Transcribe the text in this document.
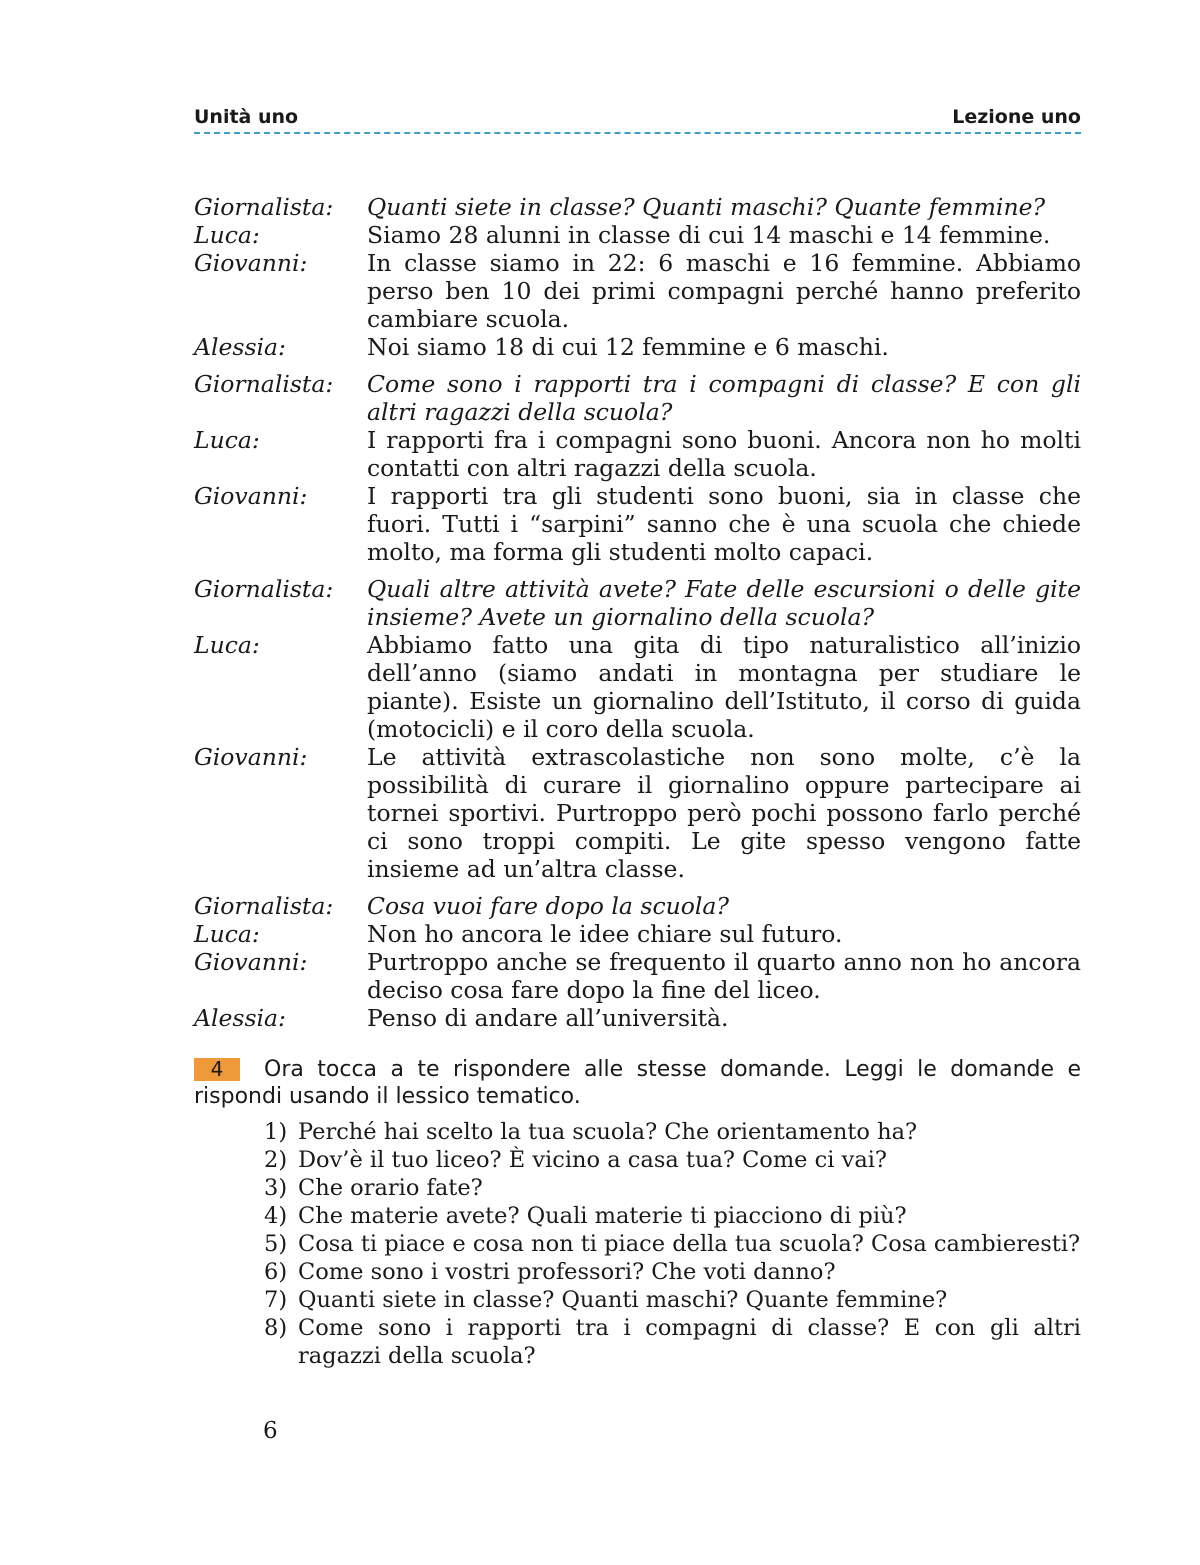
Unità uno	Lezione uno
Giornalista:	Quanti siete in classe? Quanti maschi? Quante femmine?
Luca:	Siamo 28 alunni in classe di cui 14 maschi e 14 femmine.
Giovanni:	In classe siamo in 22: 6 maschi e 16 femmine. Abbiamo perso ben 10 dei primi compagni perché hanno preferito cambiare scuola.
Alessia:	Noi siamo 18 di cui 12 femmine e 6 maschi.
Giornalista:	Come sono i rapporti tra i compagni di classe? E con gli altri ragazzi della scuola?
Luca:	I rapporti fra i compagni sono buoni. Ancora non ho molti contatti con altri ragazzi della scuola.
Giovanni:	I rapporti tra gli studenti sono buoni, sia in classe che fuori. Tutti i “sarpini” sanno che è una scuola che chiede molto, ma forma gli studenti molto capaci.
Giornalista:	Quali altre attività avete? Fate delle escursioni o delle gite insieme? Avete un giornalino della scuola?
Luca:	Abbiamo fatto una gita di tipo naturalistico all’inizio dell’anno (siamo andati in montagna per studiare le piante). Esiste un giornalino dell’Istituto, il corso di guida (motocicli) e il coro della scuola.
Giovanni:	Le attività extrascolastiche non sono molte, c’è la possibilità di curare il giornalino oppure partecipare ai tornei sportivi. Purtroppo però pochi possono farlo perché ci sono troppi compiti. Le gite spesso vengono fatte insieme ad un’altra classe.
Giornalista:	Cosa vuoi fare dopo la scuola?
Luca:	Non ho ancora le idee chiare sul futuro.
Giovanni:	Purtroppo anche se frequento il quarto anno non ho ancora deciso cosa fare dopo la fine del liceo.
Alessia:	Penso di andare all’università.
4	Ora tocca a te rispondere alle stesse domande. Leggi le domande e rispondi usando il lessico tematico.
1) Perché hai scelto la tua scuola? Che orientamento ha?
2) Dov’è il tuo liceo? È vicino a casa tua? Come ci vai?
3) Che orario fate?
4) Che materie avete? Quali materie ti piacciono di più?
5) Cosa ti piace e cosa non ti piace della tua scuola? Cosa cambieresti?
6) Come sono i vostri professori? Che voti danno?
7) Quanti siete in classe? Quanti maschi? Quante femmine?
8) Come sono i rapporti tra i compagni di classe? E con gli altri ragazzi della scuola?
6
